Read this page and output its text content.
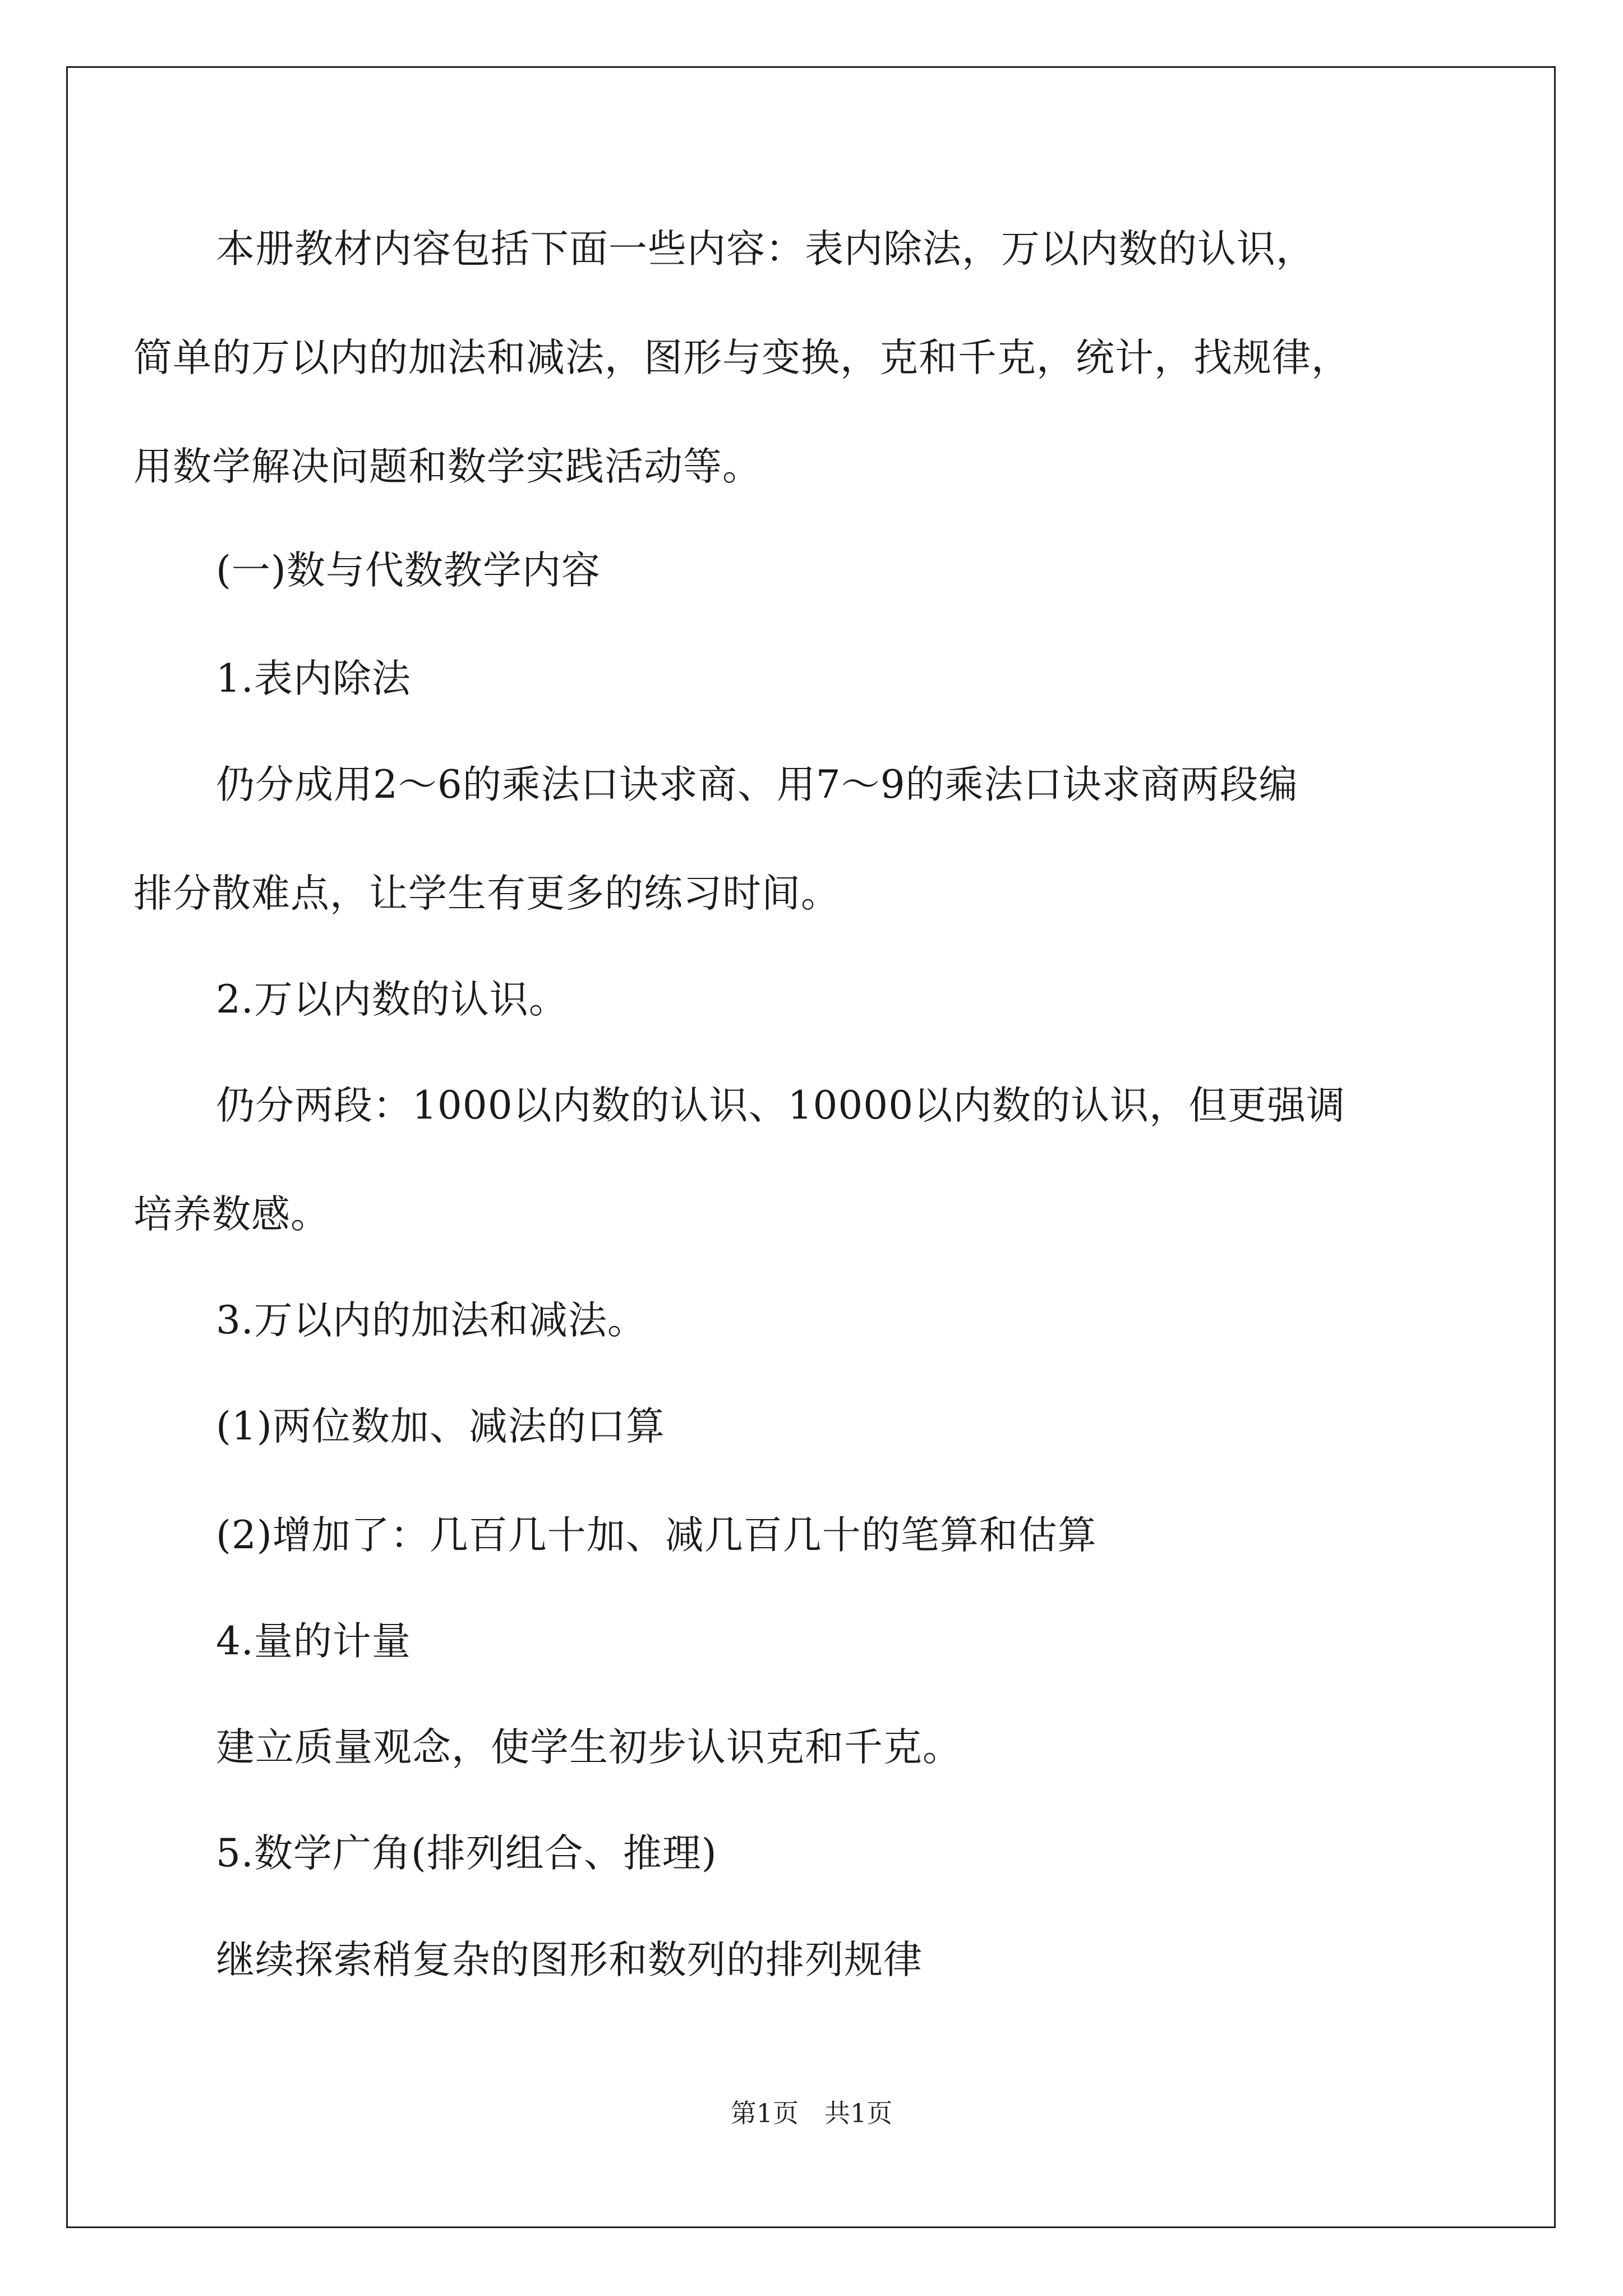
本册教材内容包括下面一些内容：表内除法，万以内数的认识，
简单的万以内的加法和减法，图形与变换，克和千克，统计，找规律，
用数学解决问题和数学实践活动等。
(一)数与代数教学内容
1.表内除法
仍分成用2～6的乘法口诀求商、用7～9的乘法口诀求商两段编
排分散难点，让学生有更多的练习时间。
2.万以内数的认识。
仍分两段：1000以内数的认识、10000以内数的认识，但更强调
培养数感。
3.万以内的加法和减法。
(1)两位数加、减法的口算
(2)增加了：几百几十加、减几百几十的笔算和估算
4.量的计量
建立质量观念，使学生初步认识克和千克。
5.数学广角(排列组合、推理)
继续探索稍复杂的图形和数列的排列规律
第1页 共1页
